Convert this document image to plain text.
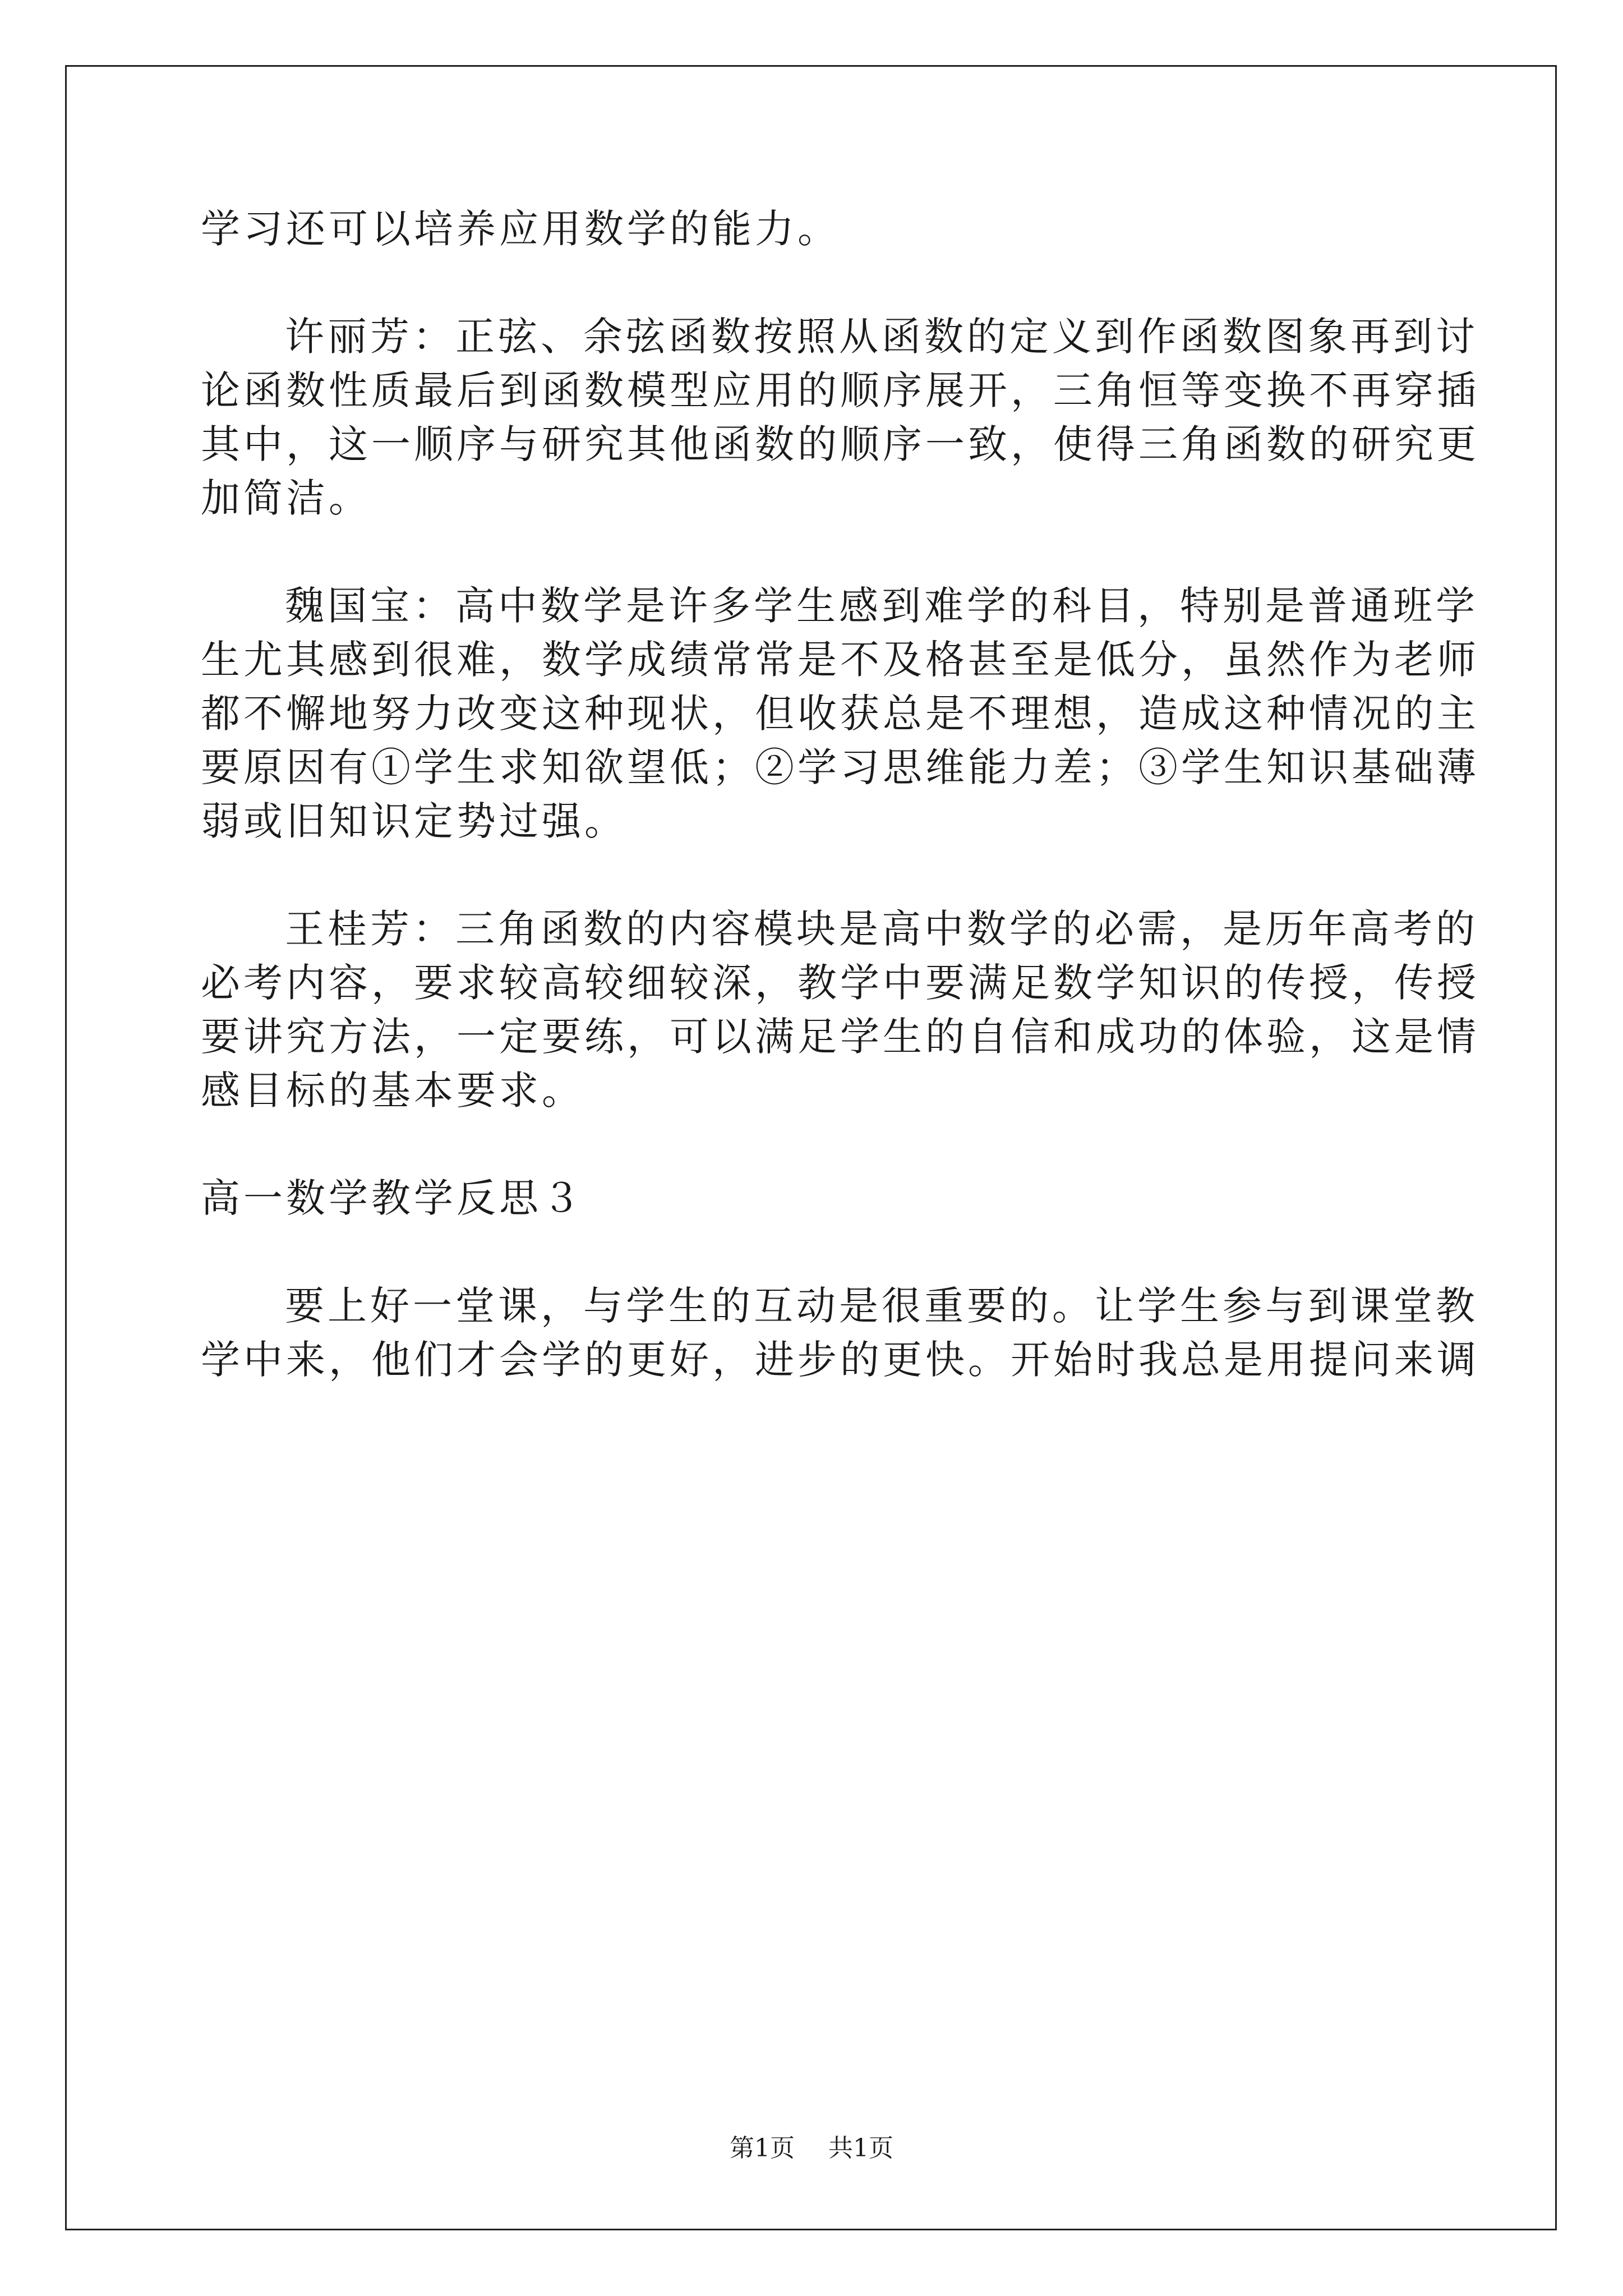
学习还可以培养应用数学的能力。
许丽芳：正弦、余弦函数按照从函数的定义到作函数图象再到讨
论函数性质最后到函数模型应用的顺序展开，三角恒等变换不再穿插
其中，这一顺序与研究其他函数的顺序一致，使得三角函数的研究更
加简洁。
魏国宝：高中数学是许多学生感到难学的科目，特别是普通班学
生尤其感到很难，数学成绩常常是不及格甚至是低分，虽然作为老师
都不懈地努力改变这种现状，但收获总是不理想，造成这种情况的主
要原因有①学生求知欲望低；②学习思维能力差；③学生知识基础薄
弱或旧知识定势过强。
王桂芳：三角函数的内容模块是高中数学的必需，是历年高考的
必考内容，要求较高较细较深，教学中要满足数学知识的传授，传授
要讲究方法，一定要练，可以满足学生的自信和成功的体验，这是情
感目标的基本要求。
高一数学教学反思３
要上好一堂课，与学生的互动是很重要的。让学生参与到课堂教
学中来，他们才会学的更好，进步的更快。开始时我总是用提问来调
第1页 共1页
